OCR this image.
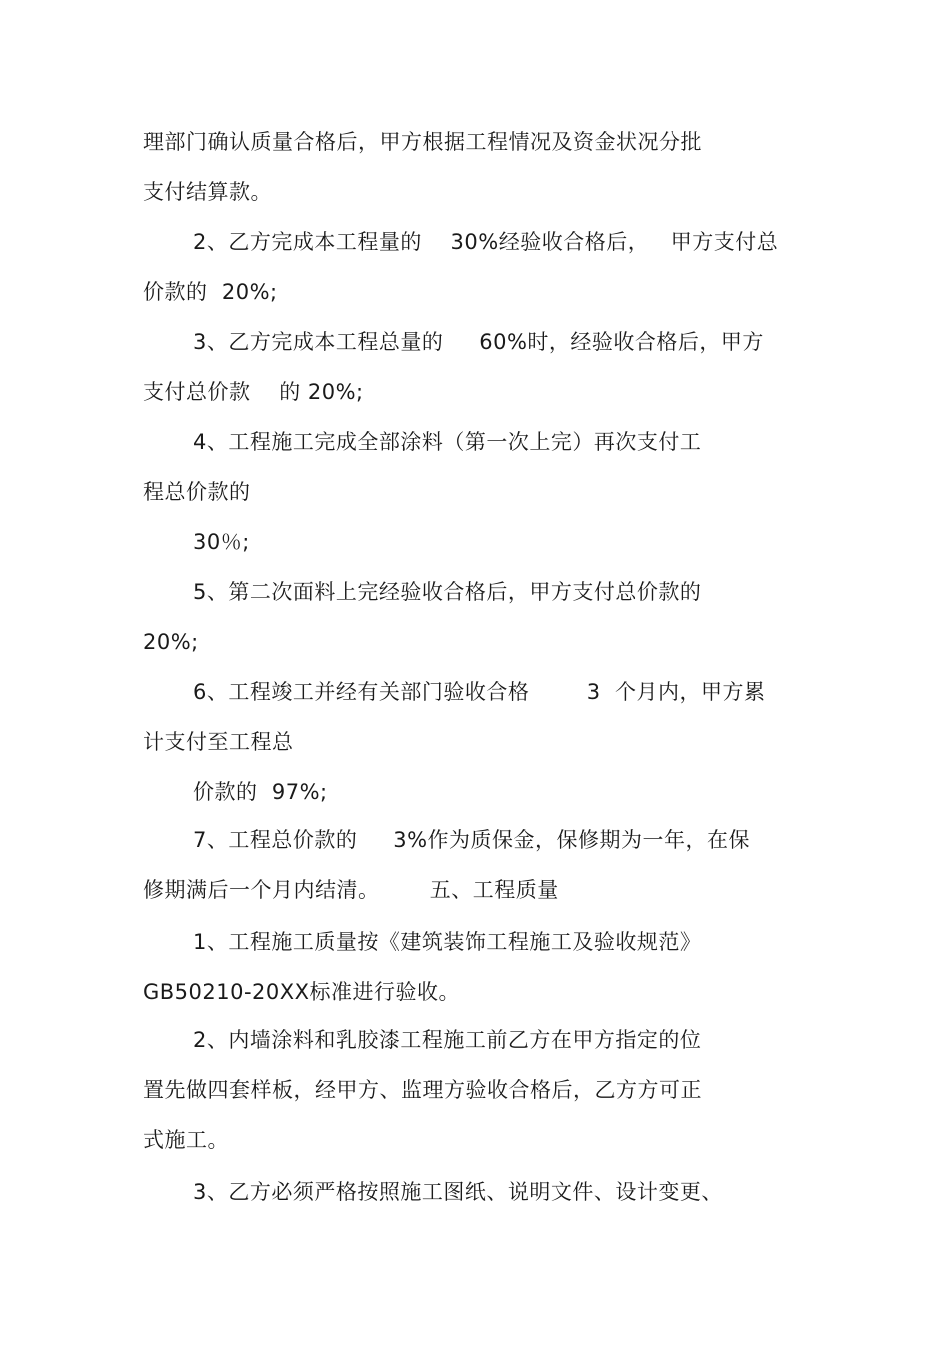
理部门确认质量合格后，甲方根据工程情况及资金状况分批
支付结算款。
2、乙方完成本工程量的    30%经验收合格后，   甲方支付总
价款的  20%;
3、乙方完成本工程总量的     60%时，经验收合格后，甲方
支付总价款    的 20%;
4、工程施工完成全部涂料（第一次上完）再次支付工
程总价款的
30％;
5、第二次面料上完经验收合格后，甲方支付总价款的
20%;
6、工程竣工并经有关部门验收合格        3  个月内，甲方累
计支付至工程总
价款的  97%;
7、工程总价款的     3%作为质保金，保修期为一年，在保
修期满后一个月内结清。       五、工程质量
1、工程施工质量按《建筑装饰工程施工及验收规范》
GB50210-20XX标准进行验收。
2、内墙涂料和乳胶漆工程施工前乙方在甲方指定的位
置先做四套样板，经甲方、监理方验收合格后，乙方方可正
式施工。
3、乙方必须严格按照施工图纸、说明文件、设计变更、
